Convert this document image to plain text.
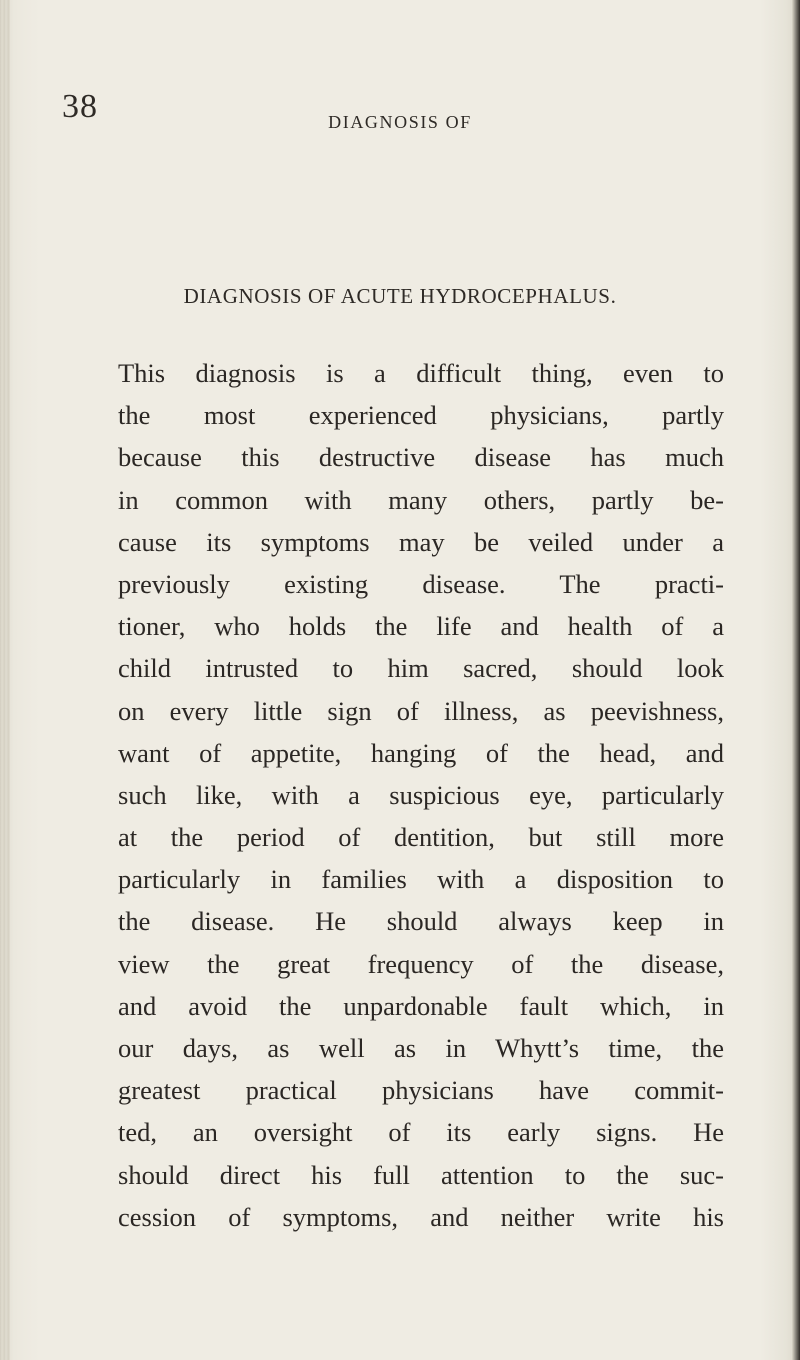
38	DIAGNOSIS OF
DIAGNOSIS OF ACUTE HYDROCEPHALUS.
This diagnosis is a difficult thing, even to
the most experienced physicians, partly
because this destructive disease has much
in common with many others, partly be-
cause its symptoms may be veiled under a
previously existing disease. The practi-
tioner, who holds the life and health of a
child intrusted to him sacred, should look
on every little sign of illness, as peevishness,
want of appetite, hanging of the head, and
such like, with a suspicious eye, particularly
at the period of dentition, but still more
particularly in families with a disposition to
the disease. He should always keep in
view the great frequency of the disease,
and avoid the unpardonable fault which, in
our days, as well as in Whytt’s time, the
greatest practical physicians have commit-
ted, an oversight of its early signs. He
should direct his full attention to the suc-
cession of symptoms, and neither write his
